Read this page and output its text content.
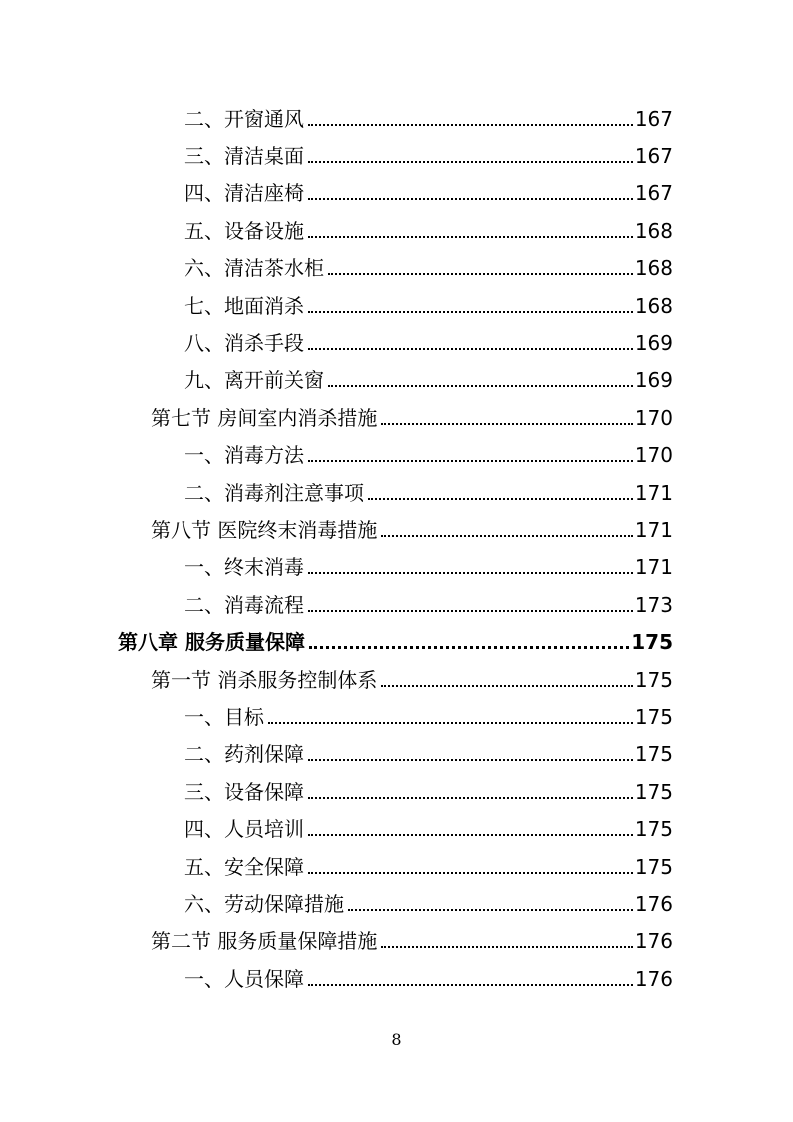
二、开窗通风	167
三、清洁桌面	167
四、清洁座椅	167
五、设备设施	168
六、清洁茶水柜	168
七、地面消杀	168
八、消杀手段	169
九、离开前关窗	169
第七节 房间室内消杀措施	170
一、消毒方法	170
二、消毒剂注意事项	171
第八节 医院终末消毒措施	171
一、终末消毒	171
二、消毒流程	173
第八章 服务质量保障	175
第一节 消杀服务控制体系	175
一、目标	175
二、药剂保障	175
三、设备保障	175
四、人员培训	175
五、安全保障	175
六、劳动保障措施	176
第二节 服务质量保障措施	176
一、人员保障	176
8
